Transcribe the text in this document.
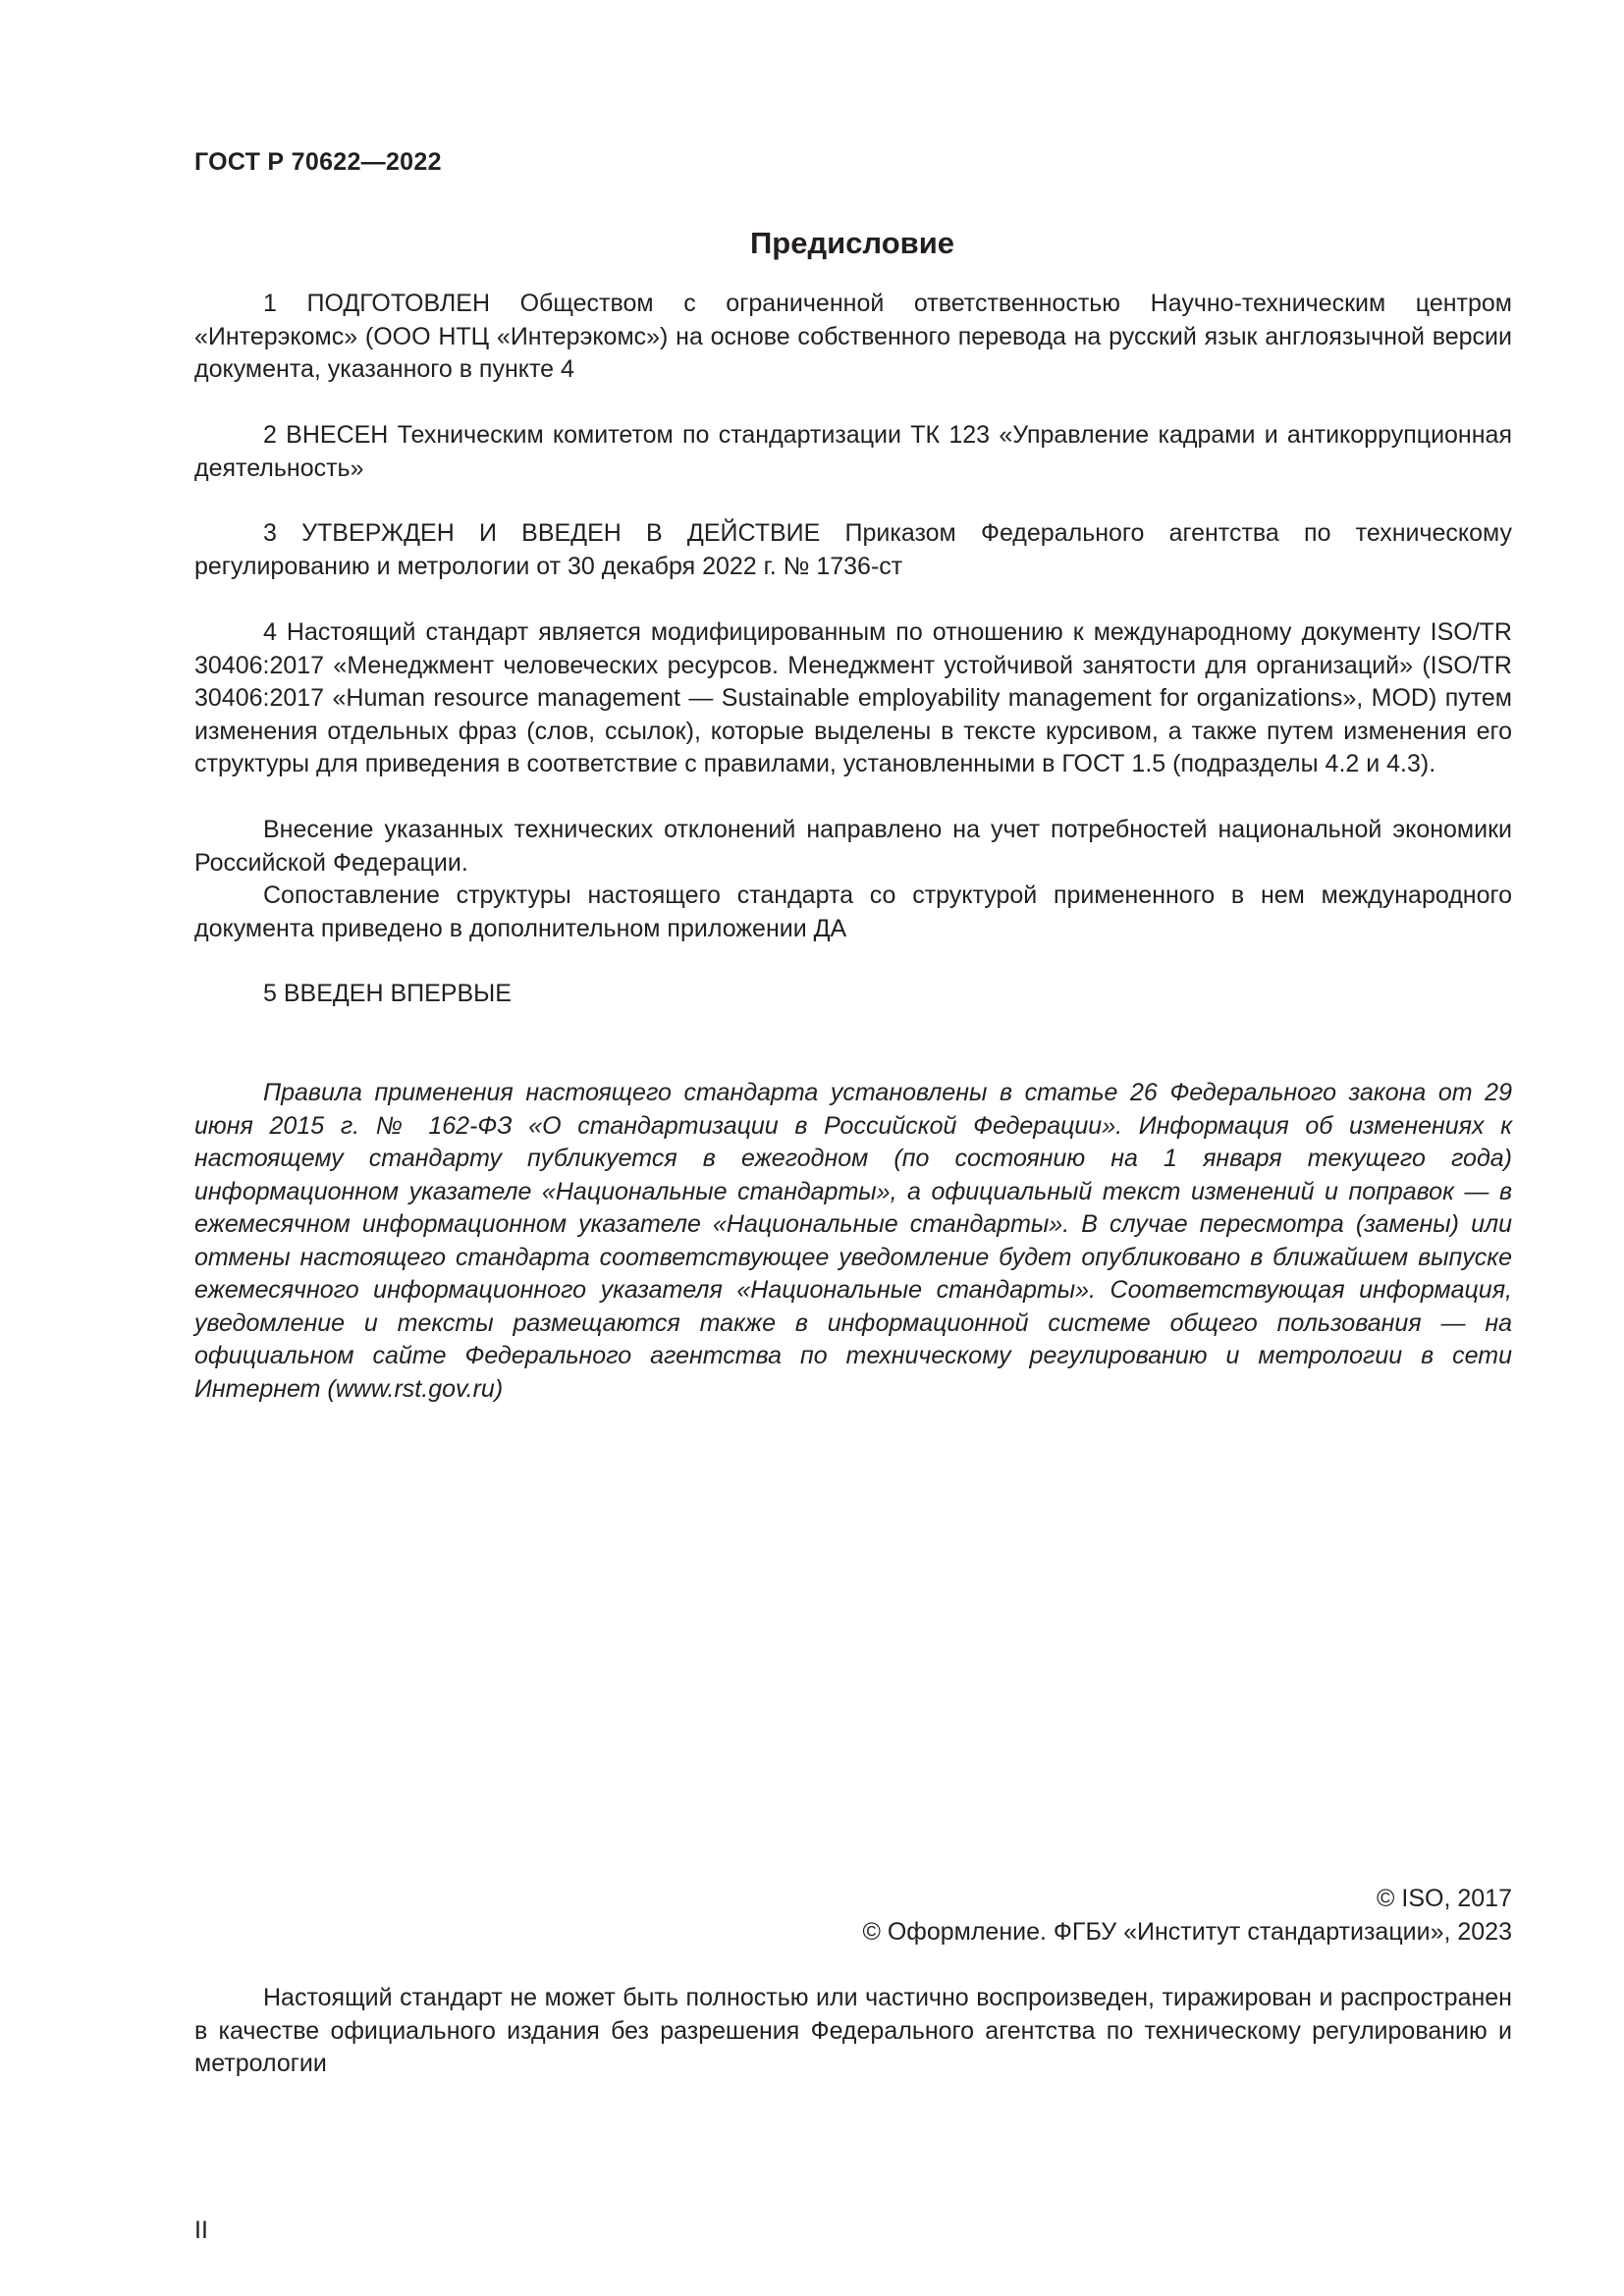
ГОСТ Р 70622—2022
Предисловие

1 ПОДГОТОВЛЕН Обществом с ограниченной ответственностью Научно-техническим центром «Интерэкомс» (ООО НТЦ «Интерэкомс») на основе собственного перевода на русский язык англоязычной версии документа, указанного в пункте 4

2 ВНЕСЕН Техническим комитетом по стандартизации ТК 123 «Управление кадрами и антикоррупционная деятельность»

3 УТВЕРЖДЕН И ВВЕДЕН В ДЕЙСТВИЕ Приказом Федерального агентства по техническому регулированию и метрологии от 30 декабря 2022 г. № 1736-ст

4 Настоящий стандарт является модифицированным по отношению к международному документу ISO/TR 30406:2017 «Менеджмент человеческих ресурсов. Менеджмент устойчивой занятости для организаций» (ISO/TR 30406:2017 «Human resource management — Sustainable employability management for organizations», MOD) путем изменения отдельных фраз (слов, ссылок), которые выделены в тексте курсивом, а также путем изменения его структуры для приведения в соответствие с правилами, установленными в ГОСТ 1.5 (подразделы 4.2 и 4.3).

Внесение указанных технических отклонений направлено на учет потребностей национальной экономики Российской Федерации.

Сопоставление структуры настоящего стандарта со структурой примененного в нем международного документа приведено в дополнительном приложении ДА

5 ВВЕДЕН ВПЕРВЫЕ

Правила применения настоящего стандарта установлены в статье 26 Федерального закона от 29 июня 2015 г. № 162-ФЗ «О стандартизации в Российской Федерации». Информация об изменениях к настоящему стандарту публикуется в ежегодном (по состоянию на 1 января текущего года) информационном указателе «Национальные стандарты», а официальный текст изменений и поправок — в ежемесячном информационном указателе «Национальные стандарты». В случае пересмотра (замены) или отмены настоящего стандарта соответствующее уведомление будет опубликовано в ближайшем выпуске ежемесячного информационного указателя «Национальные стандарты». Соответствующая информация, уведомление и тексты размещаются также в информационной системе общего пользования — на официальном сайте Федерального агентства по техническому регулированию и метрологии в сети Интернет (www.rst.gov.ru)

© ISO, 2017
© Оформление. ФГБУ «Институт стандартизации», 2023

Настоящий стандарт не может быть полностью или частично воспроизведен, тиражирован и распространен в качестве официального издания без разрешения Федерального агентства по техническому регулированию и метрологии

II
